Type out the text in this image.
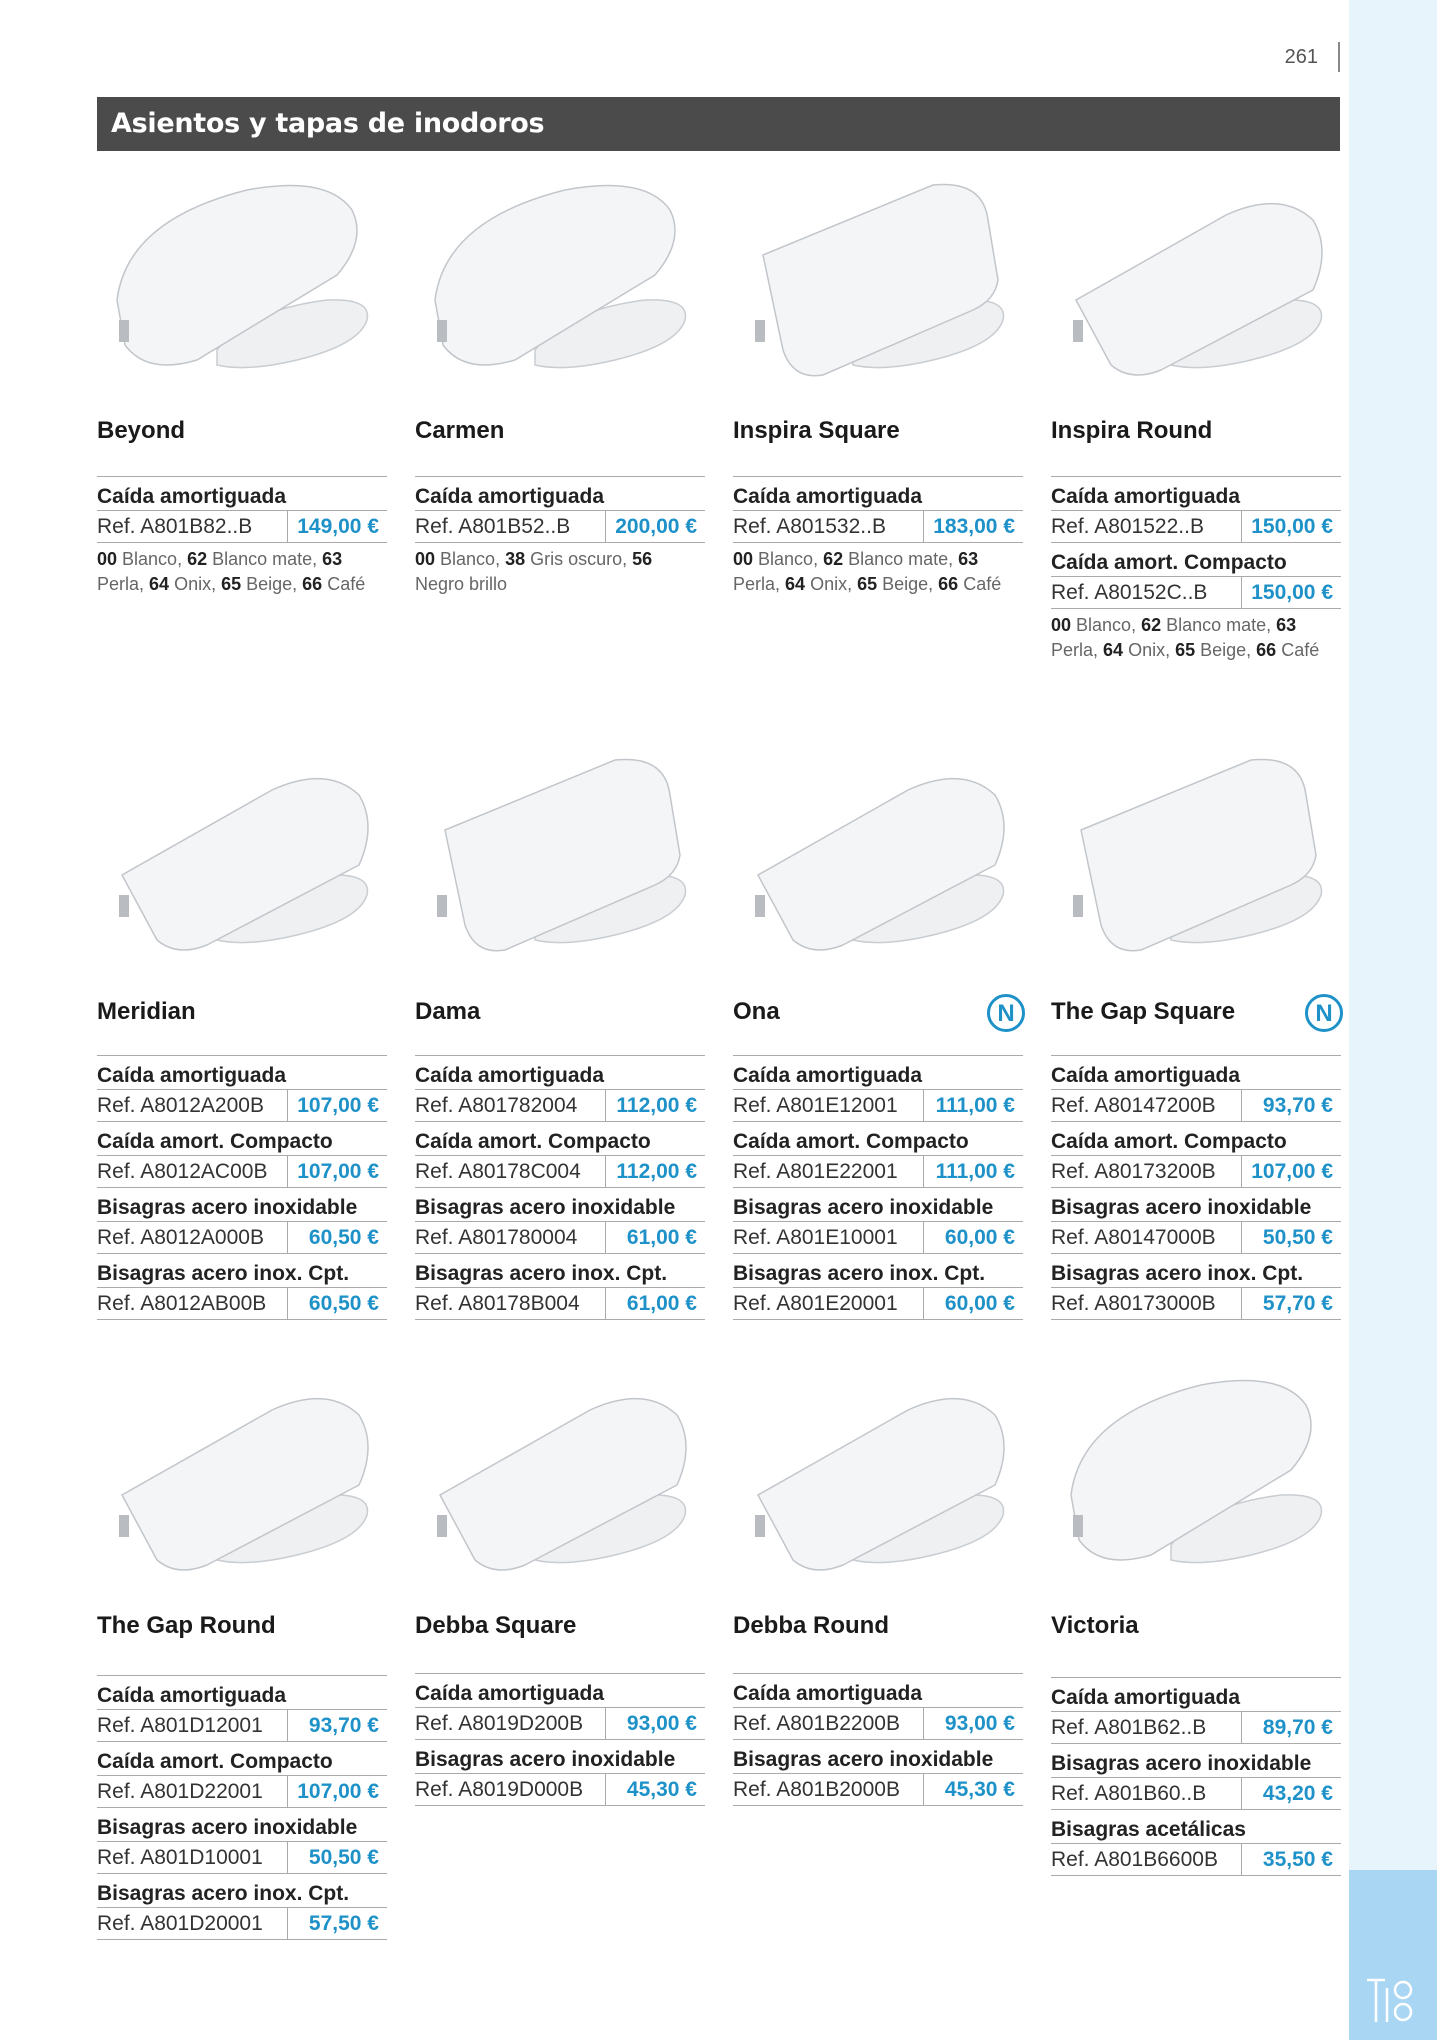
261
Asientos y tapas de inodoros
Beyond
Caída amortiguada
Ref. A801B82..B	149,00 €
00 Blanco, 62 Blanco mate, 63 Perla, 64 Onix, 65 Beige, 66 Café
Carmen
Caída amortiguada
Ref. A801B52..B	200,00 €
00 Blanco, 38 Gris oscuro, 56 Negro brillo
Inspira Square
Caída amortiguada
Ref. A801532..B	183,00 €
00 Blanco, 62 Blanco mate, 63 Perla, 64 Onix, 65 Beige, 66 Café
Inspira Round
Caída amortiguada
Ref. A801522..B	150,00 €
Caída amort. Compacto
Ref. A80152C..B	150,00 €
00 Blanco, 62 Blanco mate, 63 Perla, 64 Onix, 65 Beige, 66 Café
Meridian
Caída amortiguada
Ref. A8012A200B	107,00 €
Caída amort. Compacto
Ref. A8012AC00B	107,00 €
Bisagras acero inoxidable
Ref. A8012A000B	60,50 €
Bisagras acero inox. Cpt.
Ref. A8012AB00B	60,50 €
Dama
Caída amortiguada
Ref. A801782004	112,00 €
Caída amort. Compacto
Ref. A80178C004	112,00 €
Bisagras acero inoxidable
Ref. A801780004	61,00 €
Bisagras acero inox. Cpt.
Ref. A80178B004	61,00 €
Ona	N
Caída amortiguada
Ref. A801E12001	111,00 €
Caída amort. Compacto
Ref. A801E22001	111,00 €
Bisagras acero inoxidable
Ref. A801E10001	60,00 €
Bisagras acero inox. Cpt.
Ref. A801E20001	60,00 €
The Gap Square	N
Caída amortiguada
Ref. A80147200B	93,70 €
Caída amort. Compacto
Ref. A80173200B	107,00 €
Bisagras acero inoxidable
Ref. A80147000B	50,50 €
Bisagras acero inox. Cpt.
Ref. A80173000B	57,70 €
The Gap Round
Caída amortiguada
Ref. A801D12001	93,70 €
Caída amort. Compacto
Ref. A801D22001	107,00 €
Bisagras acero inoxidable
Ref. A801D10001	50,50 €
Bisagras acero inox. Cpt.
Ref. A801D20001	57,50 €
Debba Square
Caída amortiguada
Ref. A8019D200B	93,00 €
Bisagras acero inoxidable
Ref. A8019D000B	45,30 €
Debba Round
Caída amortiguada
Ref. A801B2200B	93,00 €
Bisagras acero inoxidable
Ref. A801B2000B	45,30 €
Victoria
Caída amortiguada
Ref. A801B62..B	89,70 €
Bisagras acero inoxidable
Ref. A801B60..B	43,20 €
Bisagras acetálicas
Ref. A801B6600B	35,50 €
